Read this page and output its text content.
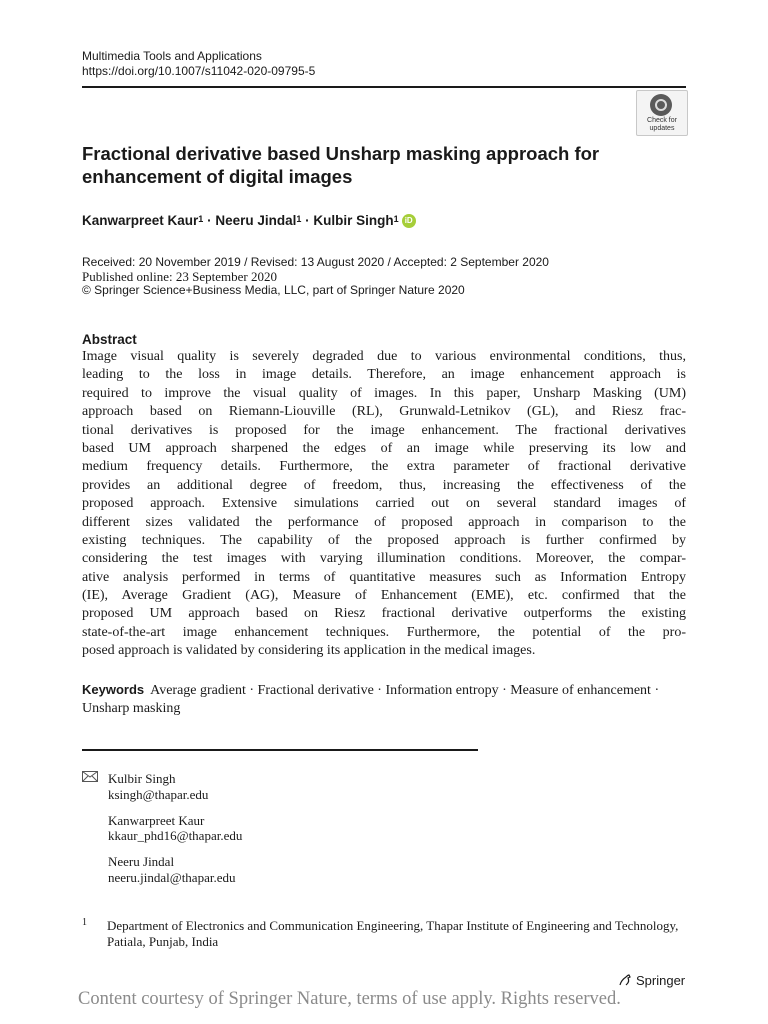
Multimedia Tools and Applications
https://doi.org/10.1007/s11042-020-09795-5
Check for updates
Fractional derivative based Unsharp masking approach for enhancement of digital images
Kanwarpreet Kaur$^1$ · Neeru Jindal$^1$ · Kulbir Singh$^1$ iD
Received: 20 November 2019 / Revised: 13 August 2020 / Accepted: 2 September 2020
Published online: 23 September 2020
© Springer Science+Business Media, LLC, part of Springer Nature 2020
Abstract
Image visual quality is severely degraded due to various environmental conditions, thus,
leading to the loss in image details. Therefore, an image enhancement approach is
required to improve the visual quality of images. In this paper, Unsharp Masking (UM)
approach based on Riemann-Liouville (RL), Grunwald-Letnikov (GL), and Riesz frac-
tional derivatives is proposed for the image enhancement. The fractional derivatives
based UM approach sharpened the edges of an image while preserving its low and
medium frequency details. Furthermore, the extra parameter of fractional derivative
provides an additional degree of freedom, thus, increasing the effectiveness of the
proposed approach. Extensive simulations carried out on several standard images of
different sizes validated the performance of proposed approach in comparison to the
existing techniques. The capability of the proposed approach is further confirmed by
considering the test images with varying illumination conditions. Moreover, the compar-
ative analysis performed in terms of quantitative measures such as Information Entropy
(IE), Average Gradient (AG), Measure of Enhancement (EME), etc. confirmed that the
proposed UM approach based on Riesz fractional derivative outperforms the existing
state-of-the-art image enhancement techniques. Furthermore, the potential of the pro-
posed approach is validated by considering its application in the medical images.
Keywords Average gradient · Fractional derivative · Information entropy · Measure of enhancement · Unsharp masking
Kulbir Singh
ksingh@thapar.edu
Kanwarpreet Kaur
kkaur_phd16@thapar.edu
Neeru Jindal
neeru.jindal@thapar.edu
1 Department of Electronics and Communication Engineering, Thapar Institute of Engineering and Technology, Patiala, Punjab, India
Springer
Content courtesy of Springer Nature, terms of use apply. Rights reserved.
